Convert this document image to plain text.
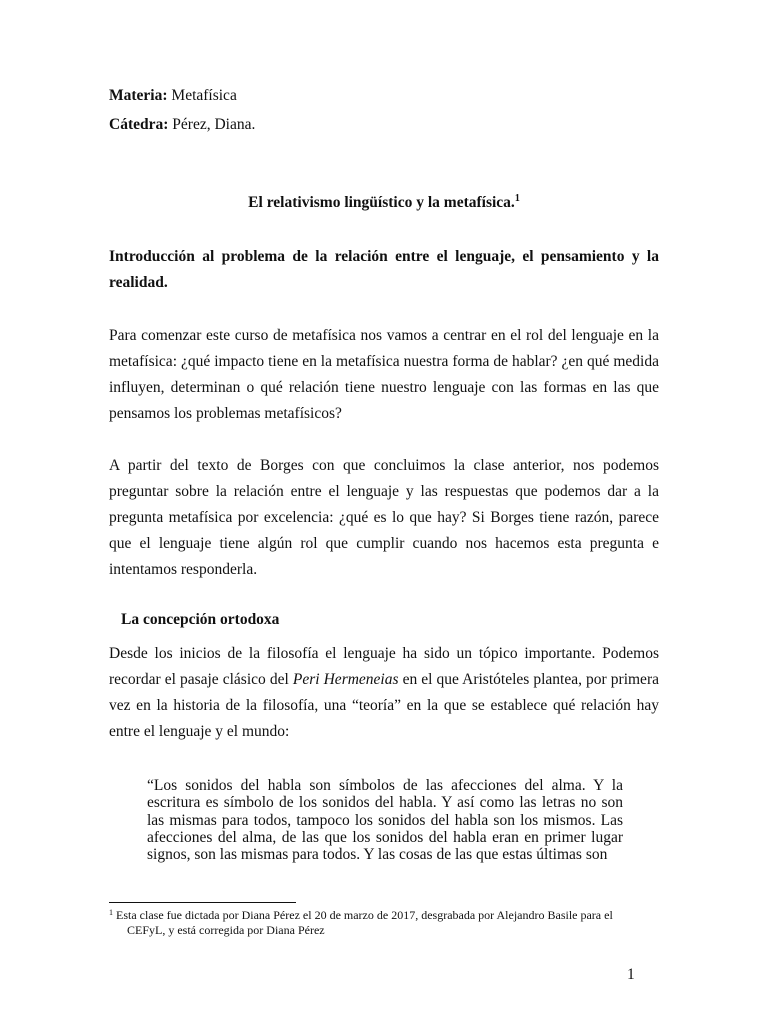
Materia: Metafísica
Cátedra: Pérez, Diana.
El relativismo lingüístico y la metafísica.$^1$
Introducción al problema de la relación entre el lenguaje, el pensamiento y la realidad.
Para comenzar este curso de metafísica nos vamos a centrar en el rol del lenguaje en la metafísica: ¿qué impacto tiene en la metafísica nuestra forma de hablar? ¿en qué medida influyen, determinan o qué relación tiene nuestro lenguaje con las formas en las que pensamos los problemas metafísicos?
A partir del texto de Borges con que concluimos la clase anterior, nos podemos preguntar sobre la relación entre el lenguaje y las respuestas que podemos dar a la pregunta metafísica por excelencia: ¿qué es lo que hay? Si Borges tiene razón, parece que el lenguaje tiene algún rol que cumplir cuando nos hacemos esta pregunta e intentamos responderla.
La concepción ortodoxa
Desde los inicios de la filosofía el lenguaje ha sido un tópico importante. Podemos recordar el pasaje clásico del Peri Hermeneias en el que Aristóteles plantea, por primera vez en la historia de la filosofía, una “teoría” en la que se establece qué relación hay entre el lenguaje y el mundo:
“Los sonidos del habla son símbolos de las afecciones del alma. Y la escritura es símbolo de los sonidos del habla. Y así como las letras no son las mismas para todos, tampoco los sonidos del habla son los mismos. Las afecciones del alma, de las que los sonidos del habla eran en primer lugar signos, son las mismas para todos. Y las cosas de las que estas últimas son
$^1$ Esta clase fue dictada por Diana Pérez el 20 de marzo de 2017, desgrabada por Alejandro Basile para el
CEFyL, y está corregida por Diana Pérez
1
